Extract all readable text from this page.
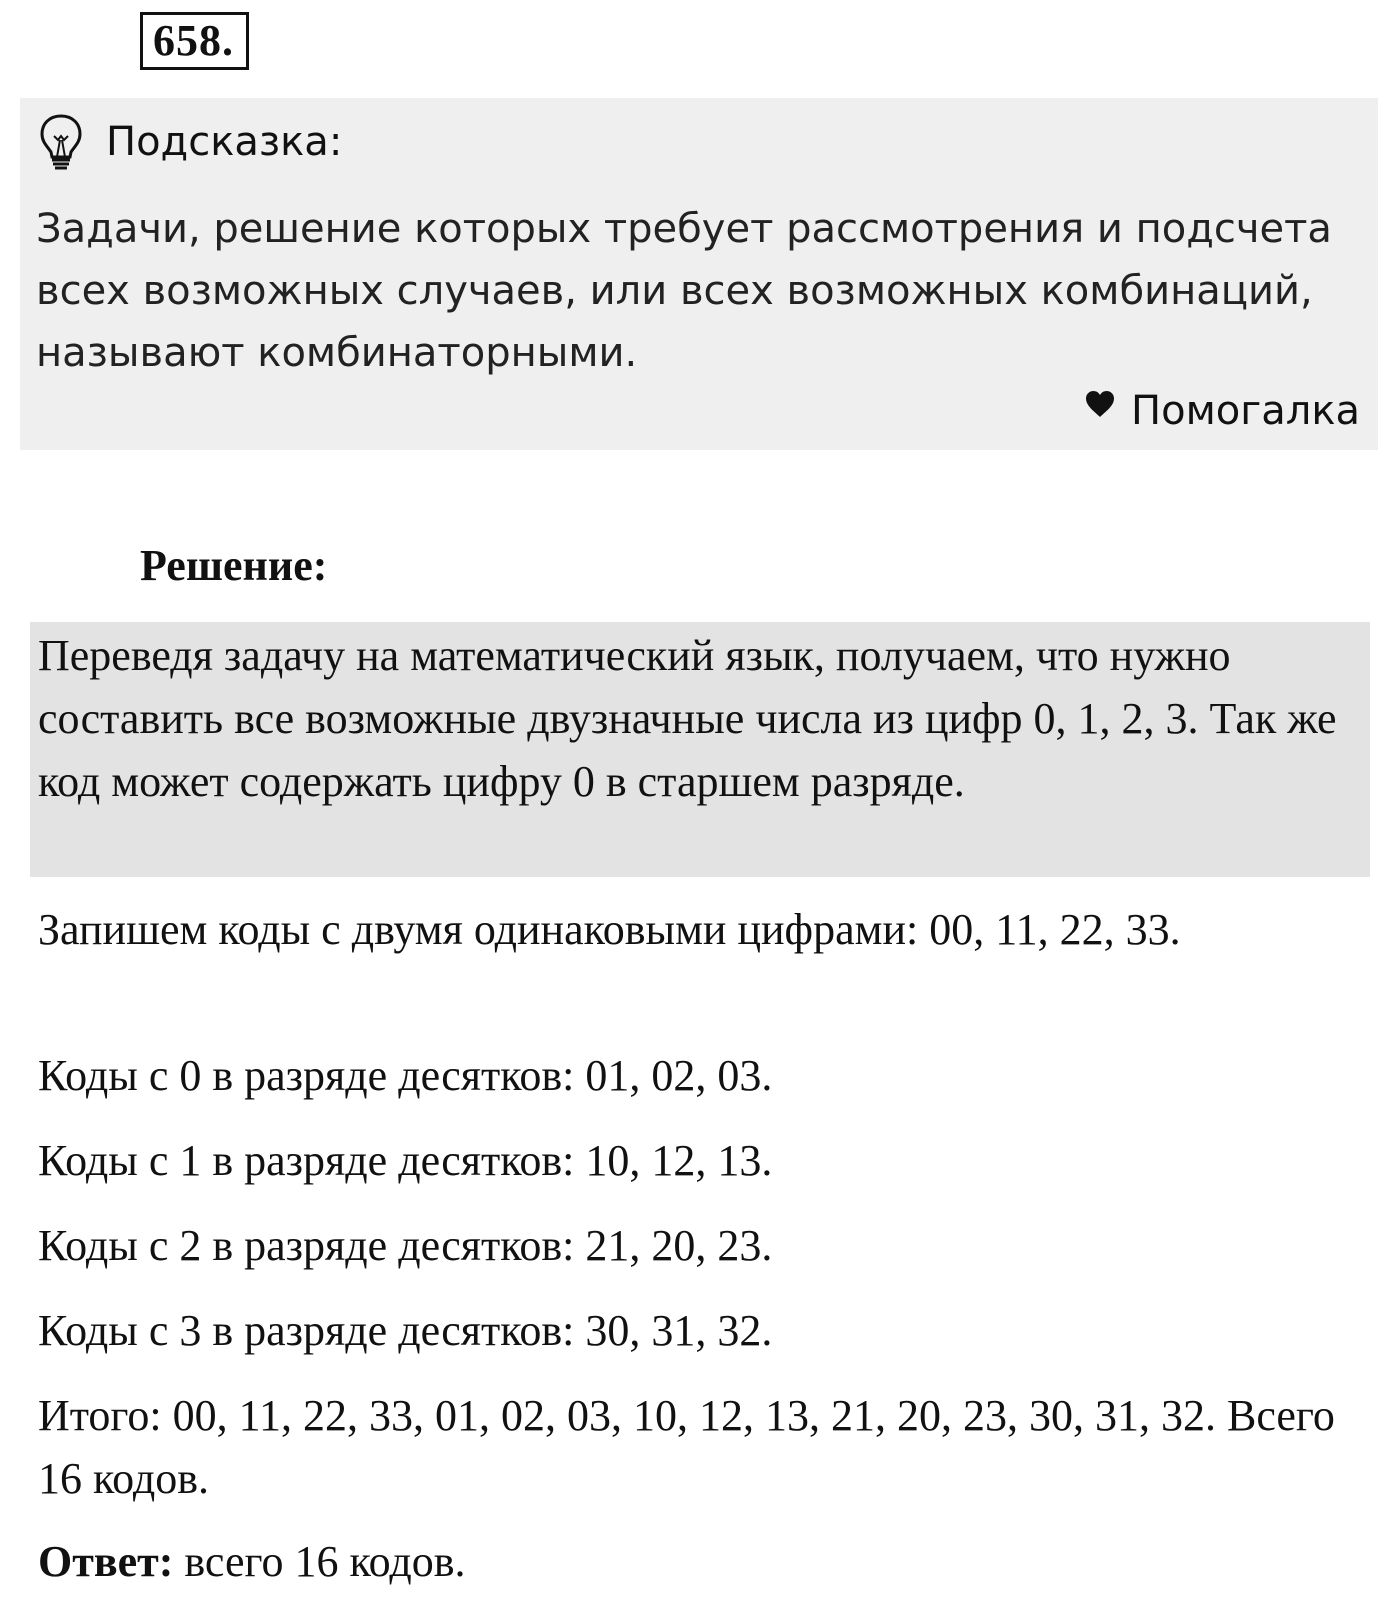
658.
Подсказка:
Задачи, решение которых требует рассмотрения и подсчета всех возможных случаев, или всех возможных комбинаций, называют комбинаторными.
Помогалка
Решение:
Переведя задачу на математический язык, получаем, что нужно составить все возможные двузначные числа из цифр 0, 1, 2, 3. Так же код может содержать цифру 0 в старшем разряде.

Запишем коды с двумя одинаковыми цифрами: 00, 11, 22, 33.

Коды с 0 в разряде десятков: 01, 02, 03.

Коды с 1 в разряде десятков: 10, 12, 13.

Коды с 2 в разряде десятков: 21, 20, 23.

Коды с 3 в разряде десятков: 30, 31, 32.

Итого: 00, 11, 22, 33, 01, 02, 03, 10, 12, 13, 21, 20, 23, 30, 31, 32. Всего 16 кодов.

Ответ: всего 16 кодов.
